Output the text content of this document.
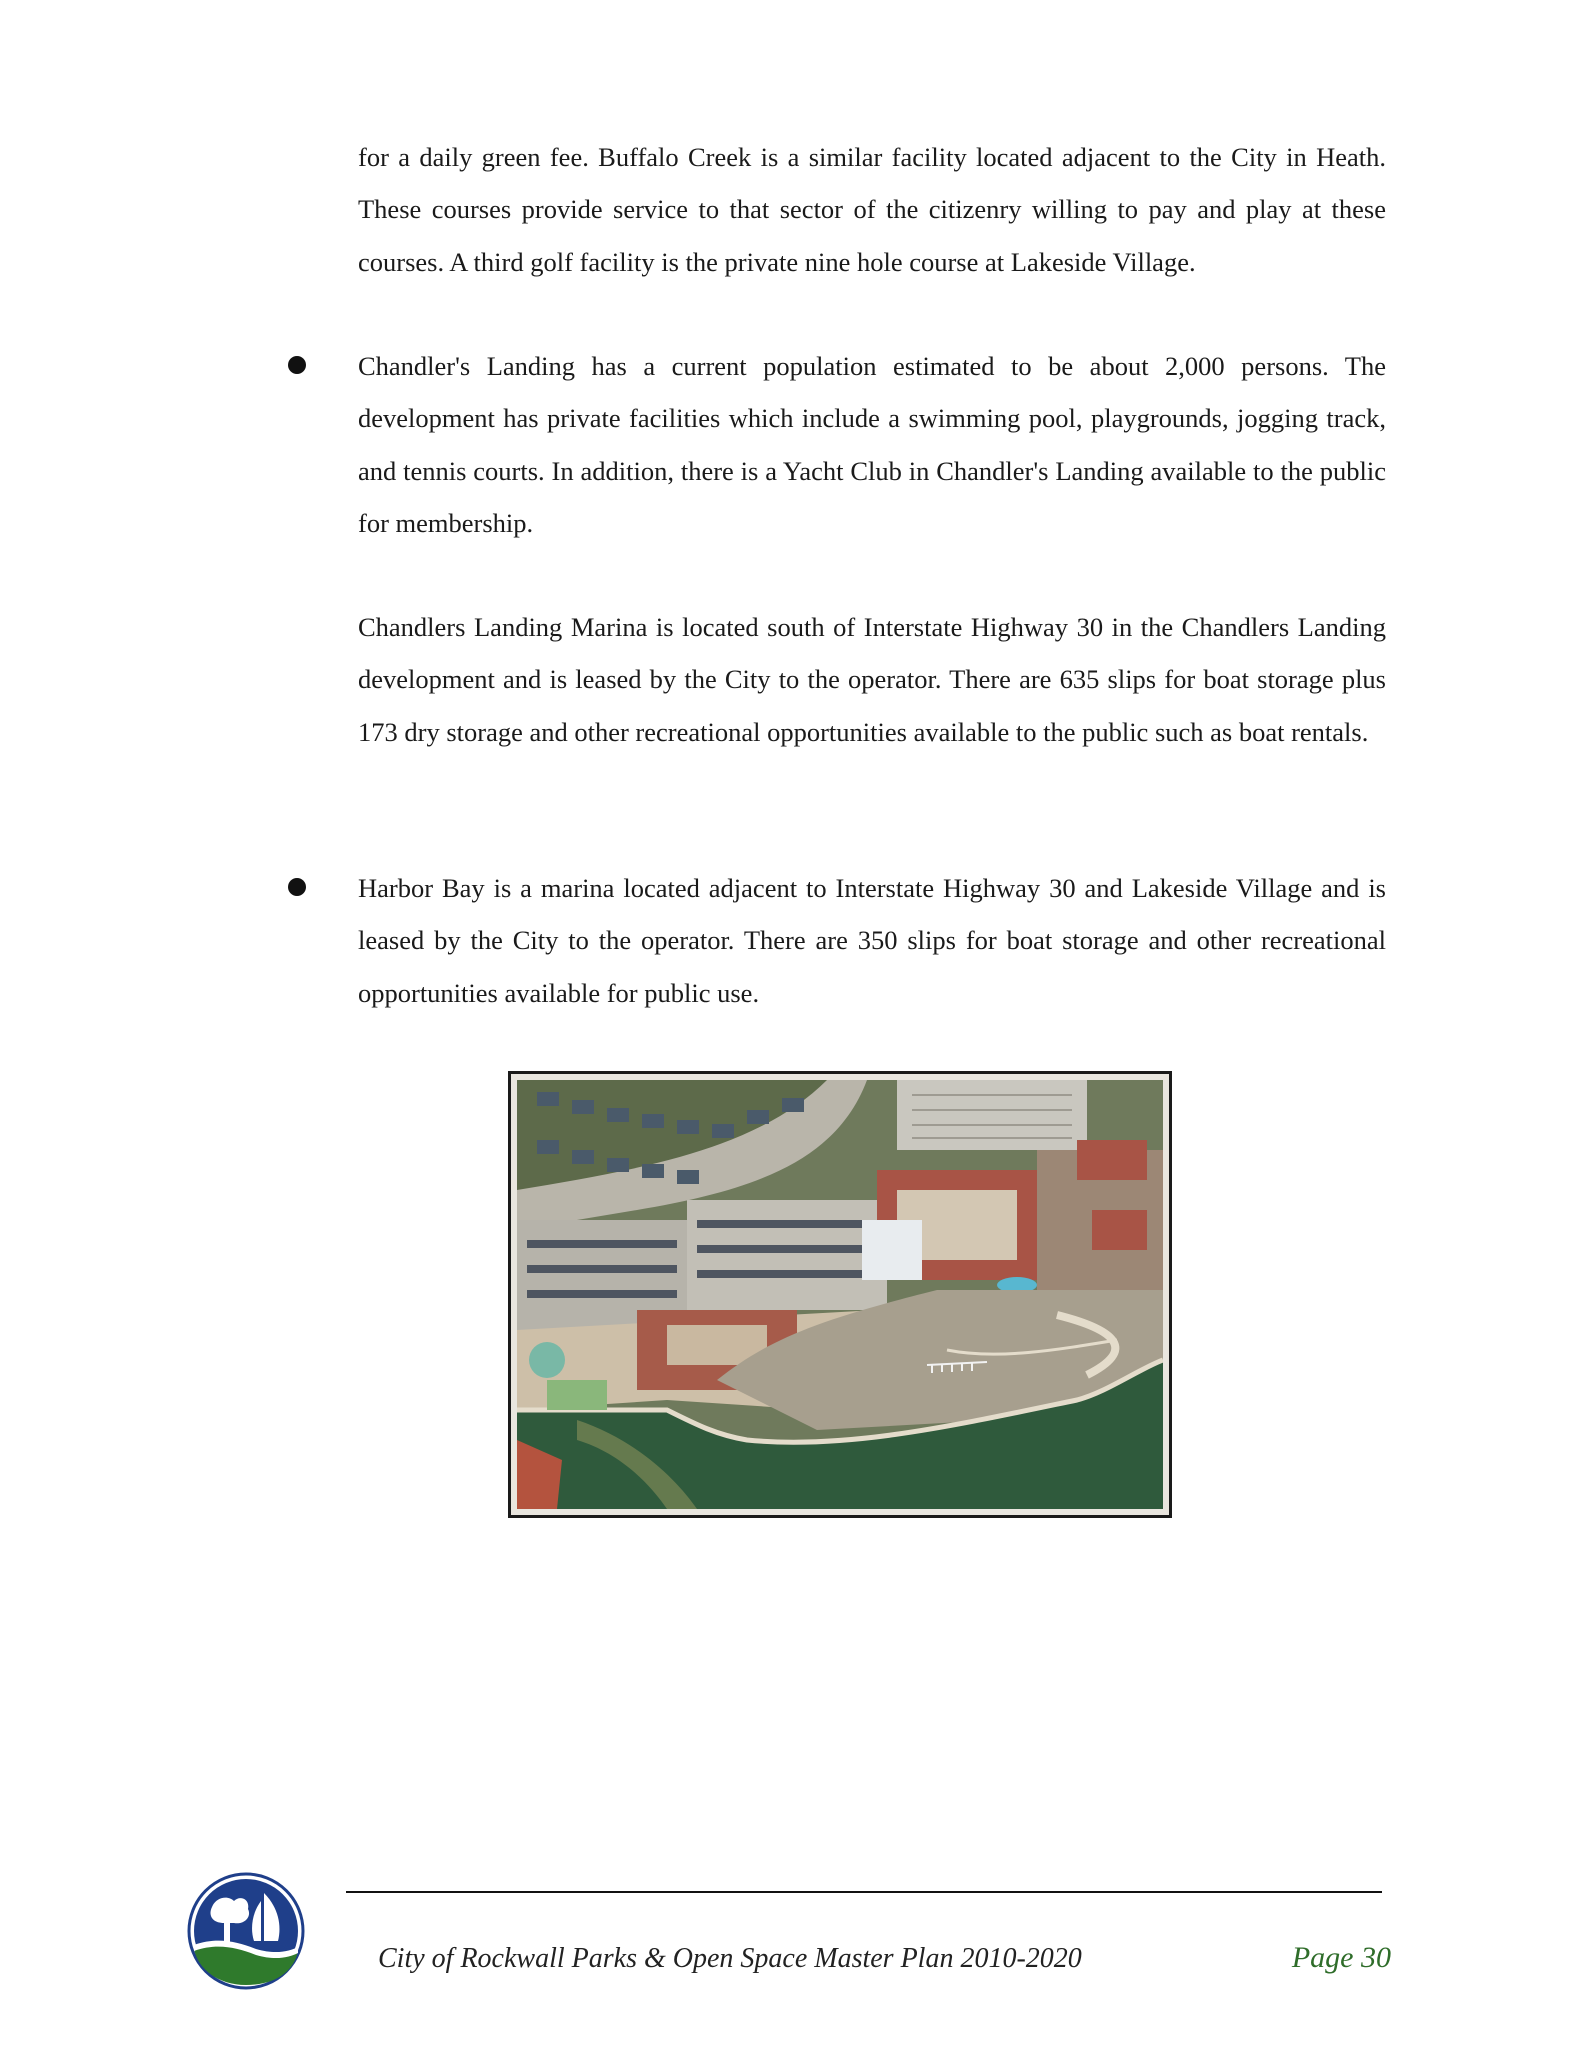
for a daily green fee. Buffalo Creek is a similar facility located adjacent to the City in Heath. These courses provide service to that sector of the citizenry willing to pay and play at these courses. A third golf facility is the private nine hole course at Lakeside Village.

Chandler's Landing has a current population estimated to be about 2,000 persons. The development has private facilities which include a swimming pool, playgrounds, jogging track, and tennis courts. In addition, there is a Yacht Club in Chandler's Landing available to the public for membership.

Chandlers Landing Marina is located south of Interstate Highway 30 in the Chandlers Landing development and is leased by the City to the operator. There are 635 slips for boat storage plus 173 dry storage and other recreational opportunities available to the public such as boat rentals.

Harbor Bay is a marina located adjacent to Interstate Highway 30 and Lakeside Village and is leased by the City to the operator. There are 350 slips for boat storage and other recreational opportunities available for public use.

City of Rockwall Parks & Open Space Master Plan 2010-2020	Page 30
